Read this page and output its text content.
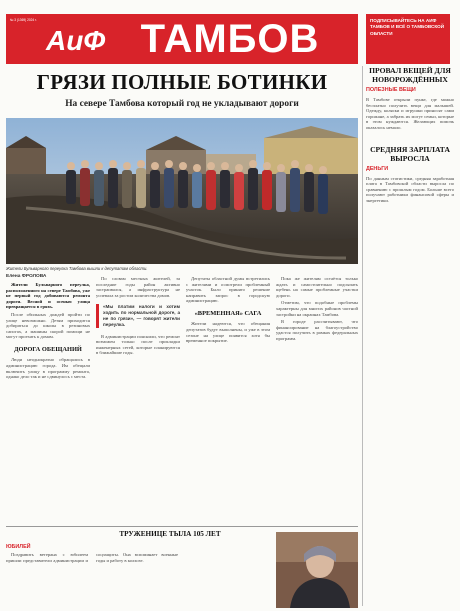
№ 3 (1369) 2024 г.
АиФ ТАМБОВ	ПОДПИСЫВАЙТЕСЬ НА АИФ ТАМБОВ И ВСЁ О ТАМБОВСКОЙ ОБЛАСТИ
ГРЯЗИ ПОЛНЫЕ БОТИНКИ
На севере Тамбова который год не укладывают дороги
Жители Бульварного переулка Тамбова вышли к депутатам области.
Елена ФРОЛОВА

Жители Бульварного переулка, расположенного на севере Тамбова, уже не первый год добиваются ремонта дороги. Весной и осенью улица превращается в грязь.

После обильных дождей пройти по улице невозможно. Детям приходится добираться до школы в резиновых сапогах, а машины скорой помощи не могут проехать к домам.

ДОРОГА ОБЕЩАНИЙ

Люди неоднократно обращались в администрацию города. Им обещали включить улицу в программу ремонта, однако дело так и не сдвинулось с места.

По словам местных жителей, за последние годы район активно застраивался, а инфраструктура не успевала за ростом количества домов.

«Мы платим налоги и хотим ходить по нормальной дороге, а не по грязи», — говорят жители переулка.

В администрации пояснили, что ремонт возможен только после прокладки инженерных сетей, которые планируются в ближайшие годы.

Депутаты областной думы встретились с жителями и осмотрели проблемный участок. Было принято решение направить запрос в городскую администрацию.

«ВРЕМЕННАЯ» САГА

Жители надеются, что обещания депутатов будут выполнены, и уже в этом сезоне на улице появится хотя бы временное покрытие.

Пока же жителям остаётся только ждать и самостоятельно подсыпать щебень на самые проблемные участки дороги.

Отметим, что подобные проблемы характерны для многих районов частной застройки на окраинах Тамбова.

В городе рассчитывают, что финансирование на благоустройство удастся получить в рамках федеральных программ.

ПРОВАЛ ВЕЩЕЙ ДЛЯ НОВОРОЖДЁННЫХ
ПОЛЕЗНЫЕ ВЕЩИ
В Тамбове открыли пункт, где можно бесплатно получить вещи для малышей. Одежду, коляски и игрушки приносят сами горожане, а забрать их могут семьи, которые в этом нуждаются. Желающих помочь оказалось немало.
СРЕДНЯЯ ЗАРПЛАТА ВЫРОСЛА
ДЕНЬГИ
По данным статистики, средняя заработная плата в Тамбовской области выросла по сравнению с прошлым годом. Больше всего получают работники финансовой сферы и энергетики.
ТРУЖЕНИЦЕ ТЫЛА 105 ЛЕТ
ЮБИЛЕЙ

Поздравить ветерана с юбилеем пришли представители администрации и соцзащиты. Она вспоминает военные годы и работу в колхозе.
